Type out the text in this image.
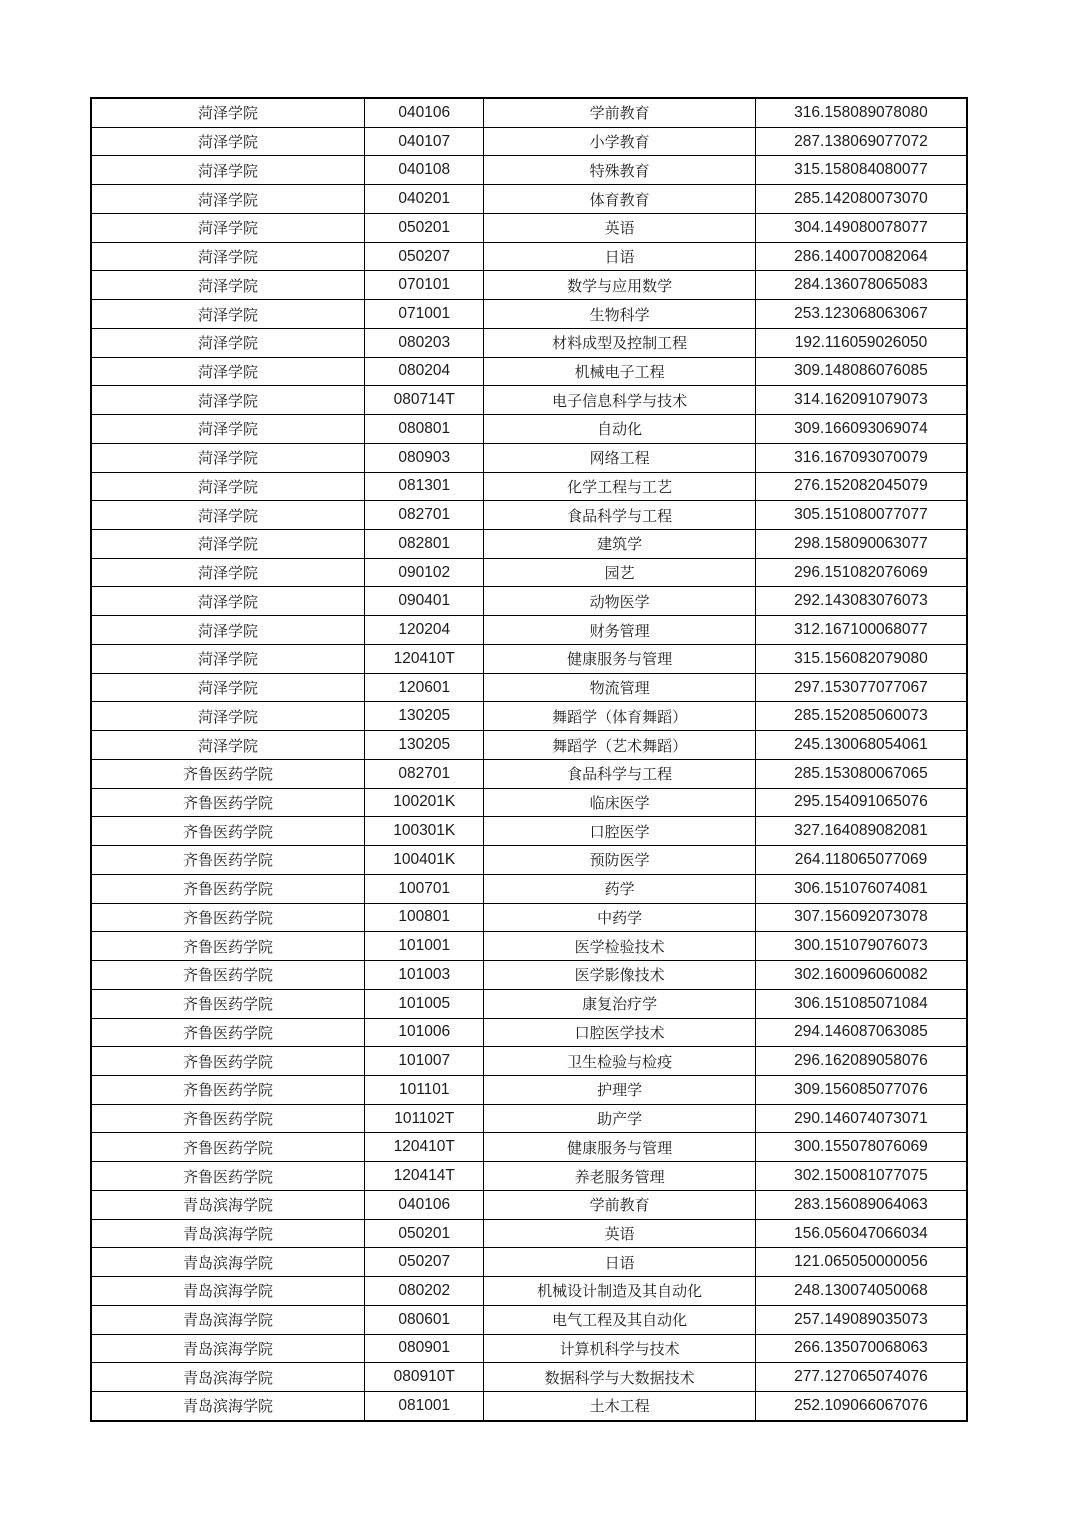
菏泽学院	040106	学前教育	316.158089078080
菏泽学院	040107	小学教育	287.138069077072
菏泽学院	040108	特殊教育	315.158084080077
菏泽学院	040201	体育教育	285.142080073070
菏泽学院	050201	英语	304.149080078077
菏泽学院	050207	日语	286.140070082064
菏泽学院	070101	数学与应用数学	284.136078065083
菏泽学院	071001	生物科学	253.123068063067
菏泽学院	080203	材料成型及控制工程	192.116059026050
菏泽学院	080204	机械电子工程	309.148086076085
菏泽学院	080714T	电子信息科学与技术	314.162091079073
菏泽学院	080801	自动化	309.166093069074
菏泽学院	080903	网络工程	316.167093070079
菏泽学院	081301	化学工程与工艺	276.152082045079
菏泽学院	082701	食品科学与工程	305.151080077077
菏泽学院	082801	建筑学	298.158090063077
菏泽学院	090102	园艺	296.151082076069
菏泽学院	090401	动物医学	292.143083076073
菏泽学院	120204	财务管理	312.167100068077
菏泽学院	120410T	健康服务与管理	315.156082079080
菏泽学院	120601	物流管理	297.153077077067
菏泽学院	130205	舞蹈学（体育舞蹈）	285.152085060073
菏泽学院	130205	舞蹈学（艺术舞蹈）	245.130068054061
齐鲁医药学院	082701	食品科学与工程	285.153080067065
齐鲁医药学院	100201K	临床医学	295.154091065076
齐鲁医药学院	100301K	口腔医学	327.164089082081
齐鲁医药学院	100401K	预防医学	264.118065077069
齐鲁医药学院	100701	药学	306.151076074081
齐鲁医药学院	100801	中药学	307.156092073078
齐鲁医药学院	101001	医学检验技术	300.151079076073
齐鲁医药学院	101003	医学影像技术	302.160096060082
齐鲁医药学院	101005	康复治疗学	306.151085071084
齐鲁医药学院	101006	口腔医学技术	294.146087063085
齐鲁医药学院	101007	卫生检验与检疫	296.162089058076
齐鲁医药学院	101101	护理学	309.156085077076
齐鲁医药学院	101102T	助产学	290.146074073071
齐鲁医药学院	120410T	健康服务与管理	300.155078076069
齐鲁医药学院	120414T	养老服务管理	302.150081077075
青岛滨海学院	040106	学前教育	283.156089064063
青岛滨海学院	050201	英语	156.056047066034
青岛滨海学院	050207	日语	121.065050000056
青岛滨海学院	080202	机械设计制造及其自动化	248.130074050068
青岛滨海学院	080601	电气工程及其自动化	257.149089035073
青岛滨海学院	080901	计算机科学与技术	266.135070068063
青岛滨海学院	080910T	数据科学与大数据技术	277.127065074076
青岛滨海学院	081001	土木工程	252.109066067076
